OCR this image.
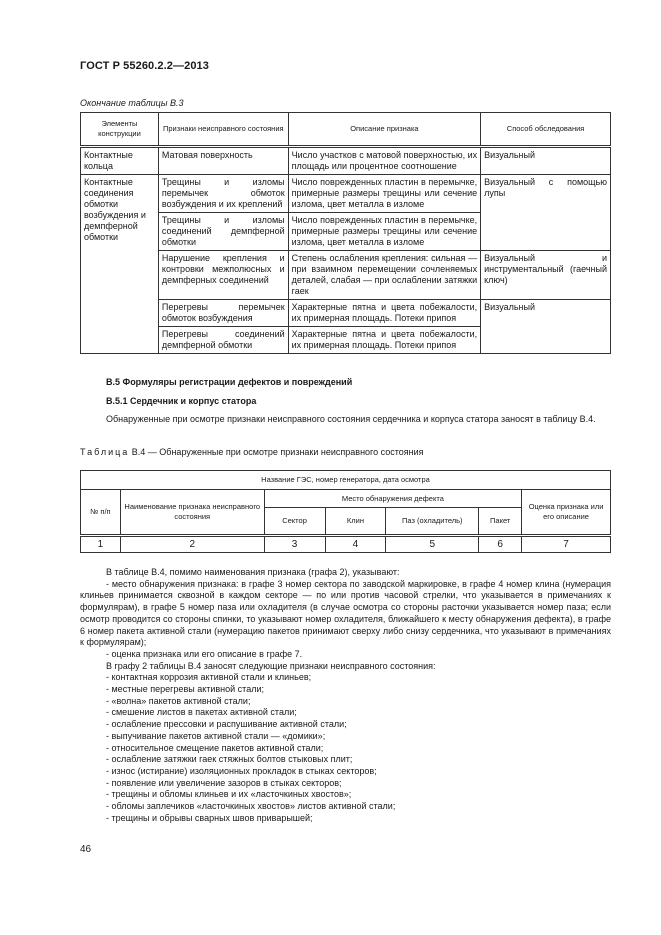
ГОСТ Р 55260.2.2—2013
Окончание таблицы В.3
Элементы конструкции	Признаки неисправного состояния	Описание признака	Способ обследования
Контактные кольца	Матовая поверхность	Число участков с матовой поверхностью, их площадь или процентное соотношение	Визуальный
Контактные соединения обмотки возбуждения и демпферной обмотки	Трещины и изломы перемычек обмоток возбуждения и их креплений	Число поврежденных пластин в перемычке, примерные размеры трещины или сечение излома, цвет металла в изломе	Визуальный с помощью лупы
	Трещины и изломы соединений демпферной обмотки	Число поврежденных пластин в перемычке, примерные размеры трещины или сечение излома, цвет металла в изломе	
	Нарушение крепления и контровки межполюсных и демпферных соединений	Степень ослабления крепления: сильная — при взаимном перемещении сочленяемых деталей, слабая — при ослаблении затяжки гаек	Визуальный и инструментальный (гаечный ключ)
	Перегревы перемычек обмоток возбуждения	Характерные пятна и цвета побежалости, их примерная площадь. Потеки припоя	Визуальный
	Перегревы соединений демпферной обмотки	Характерные пятна и цвета побежалости, их примерная площадь. Потеки припоя	
В.5 Формуляры регистрации дефектов и повреждений
В.5.1 Сердечник и корпус статора
Обнаруженные при осмотре признаки неисправного состояния сердечника и корпуса статора заносят в таблицу В.4.
Таблица В.4 — Обнаруженные при осмотре признаки неисправного состояния
Название ГЭС, номер генератора, дата осмотра						
№ п/п	Наименование признака неисправного состояния	Место обнаружения дефекта				Оценка признака или его описание
		Сектор	Клин	Паз (охладитель)	Пакет	
1	2	3	4	5	6	7

В таблице В.4, помимо наименования признака (графа 2), указывают:

- место обнаружения признака: в графе 3 номер сектора по заводской маркировке, в графе 4 номер клина (нумерация клиньев принимается сквозной в каждом секторе — по или против часовой стрелки, что указывается в примечаниях к формулярам), в графе 5 номер паза или охладителя (в случае осмотра со стороны расточки указывается номер паза; если осмотр проводится со стороны спинки, то указывают номер охладителя, ближайшего к месту обнаружения дефекта), в графе 6 номер пакета активной стали (нумерацию пакетов принимают сверху либо снизу сердечника, что указывают в примечаниях к формулярам);

- оценка признака или его описание в графе 7.

В графу 2 таблицы В.4 заносят следующие признаки неисправного состояния:

- контактная коррозия активной стали и клиньев;
- местные перегревы активной стали;
- «волна» пакетов активной стали;
- смешение листов в пакетах активной стали;
- ослабление прессовки и распушивание активной стали;
- выпучивание пакетов активной стали — «домики»;
- относительное смещение пакетов активной стали;
- ослабление затяжки гаек стяжных болтов стыковых плит;
- износ (истирание) изоляционных прокладок в стыках секторов;
- появление или увеличение зазоров в стыках секторов;
- трещины и обломы клиньев и их «ласточкиных хвостов»;
- обломы заплечиков «ласточкиных хвостов» листов активной стали;
- трещины и обрывы сварных швов приварышей;
46
